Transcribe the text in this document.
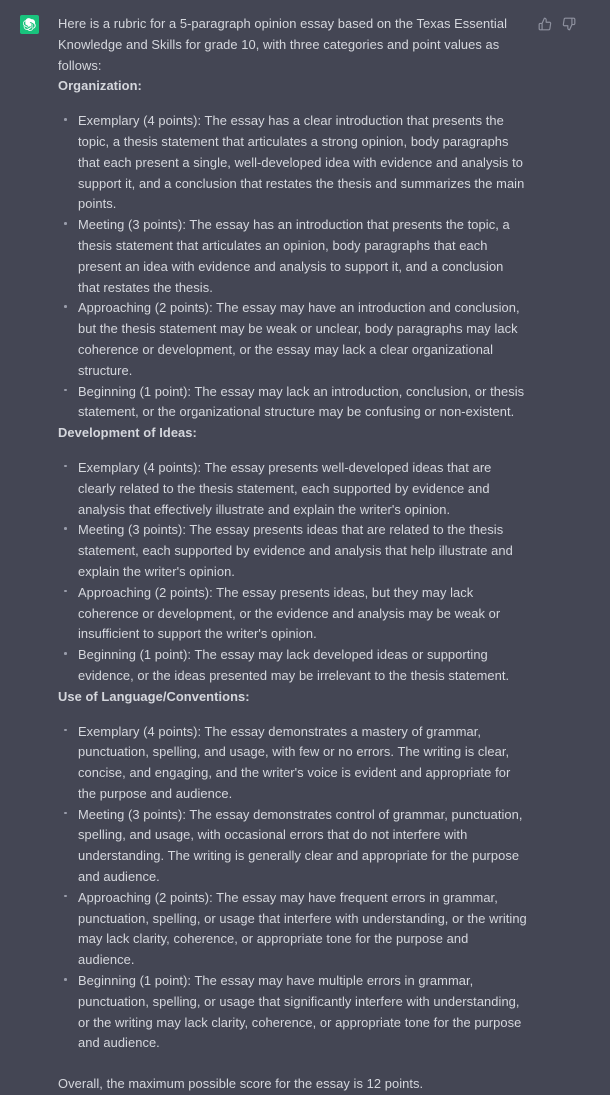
Here is a rubric for a 5-paragraph opinion essay based on the Texas Essential Knowledge and Skills for grade 10, with three categories and point values as follows:

Organization:

Exemplary (4 points): The essay has a clear introduction that presents the topic, a thesis statement that articulates a strong opinion, body paragraphs that each present a single, well-developed idea with evidence and analysis to support it, and a conclusion that restates the thesis and summarizes the main points.
Meeting (3 points): The essay has an introduction that presents the topic, a thesis statement that articulates an opinion, body paragraphs that each present an idea with evidence and analysis to support it, and a conclusion that restates the thesis.
Approaching (2 points): The essay may have an introduction and conclusion, but the thesis statement may be weak or unclear, body paragraphs may lack coherence or development, or the essay may lack a clear organizational structure.
Beginning (1 point): The essay may lack an introduction, conclusion, or thesis statement, or the organizational structure may be confusing or non-existent.

Development of Ideas:

Exemplary (4 points): The essay presents well-developed ideas that are clearly related to the thesis statement, each supported by evidence and analysis that effectively illustrate and explain the writer's opinion.
Meeting (3 points): The essay presents ideas that are related to the thesis statement, each supported by evidence and analysis that help illustrate and explain the writer's opinion.
Approaching (2 points): The essay presents ideas, but they may lack coherence or development, or the evidence and analysis may be weak or insufficient to support the writer's opinion.
Beginning (1 point): The essay may lack developed ideas or supporting evidence, or the ideas presented may be irrelevant to the thesis statement.

Use of Language/Conventions:

Exemplary (4 points): The essay demonstrates a mastery of grammar, punctuation, spelling, and usage, with few or no errors. The writing is clear, concise, and engaging, and the writer's voice is evident and appropriate for the purpose and audience.
Meeting (3 points): The essay demonstrates control of grammar, punctuation, spelling, and usage, with occasional errors that do not interfere with understanding. The writing is generally clear and appropriate for the purpose and audience.
Approaching (2 points): The essay may have frequent errors in grammar, punctuation, spelling, or usage that interfere with understanding, or the writing may lack clarity, coherence, or appropriate tone for the purpose and audience.
Beginning (1 point): The essay may have multiple errors in grammar, punctuation, spelling, or usage that significantly interfere with understanding, or the writing may lack clarity, coherence, or appropriate tone for the purpose and audience.

Overall, the maximum possible score for the essay is 12 points.
